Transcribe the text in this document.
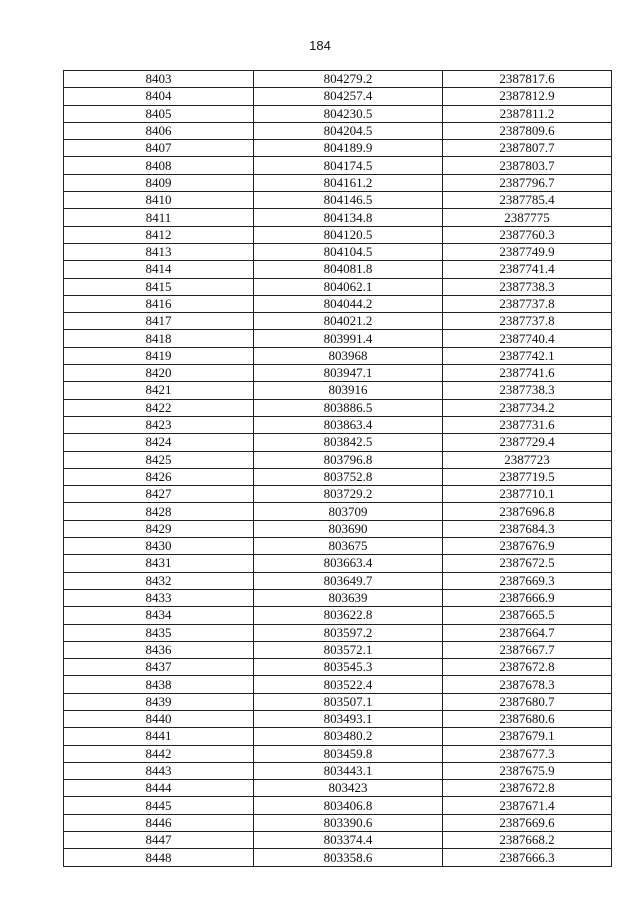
184
8403	804279.2	2387817.6
8404	804257.4	2387812.9
8405	804230.5	2387811.2
8406	804204.5	2387809.6
8407	804189.9	2387807.7
8408	804174.5	2387803.7
8409	804161.2	2387796.7
8410	804146.5	2387785.4
8411	804134.8	2387775
8412	804120.5	2387760.3
8413	804104.5	2387749.9
8414	804081.8	2387741.4
8415	804062.1	2387738.3
8416	804044.2	2387737.8
8417	804021.2	2387737.8
8418	803991.4	2387740.4
8419	803968	2387742.1
8420	803947.1	2387741.6
8421	803916	2387738.3
8422	803886.5	2387734.2
8423	803863.4	2387731.6
8424	803842.5	2387729.4
8425	803796.8	2387723
8426	803752.8	2387719.5
8427	803729.2	2387710.1
8428	803709	2387696.8
8429	803690	2387684.3
8430	803675	2387676.9
8431	803663.4	2387672.5
8432	803649.7	2387669.3
8433	803639	2387666.9
8434	803622.8	2387665.5
8435	803597.2	2387664.7
8436	803572.1	2387667.7
8437	803545.3	2387672.8
8438	803522.4	2387678.3
8439	803507.1	2387680.7
8440	803493.1	2387680.6
8441	803480.2	2387679.1
8442	803459.8	2387677.3
8443	803443.1	2387675.9
8444	803423	2387672.8
8445	803406.8	2387671.4
8446	803390.6	2387669.6
8447	803374.4	2387668.2
8448	803358.6	2387666.3
